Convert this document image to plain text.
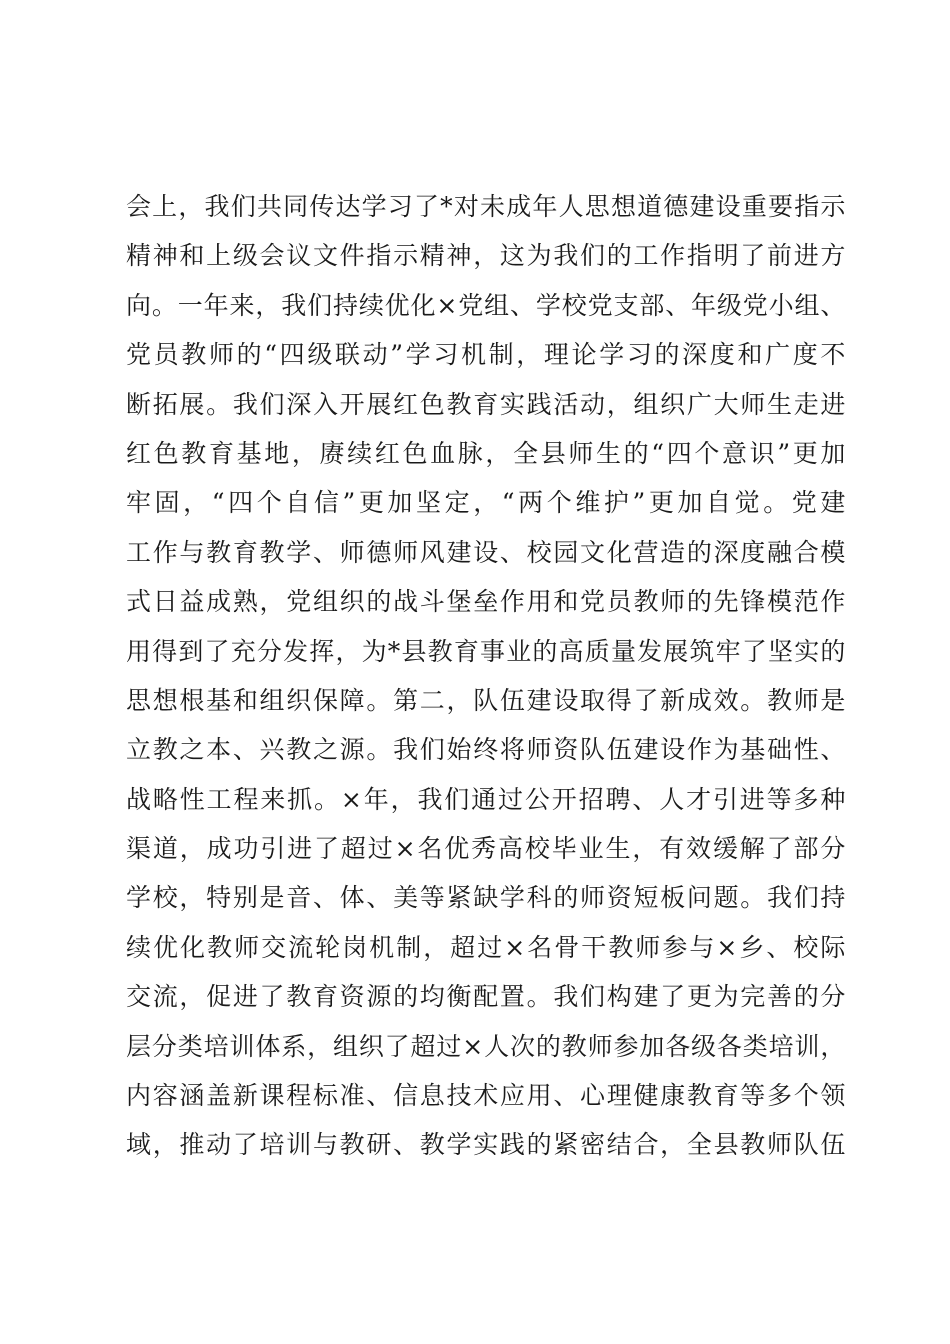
会上，我们共同传达学习了*对未成年人思想道德建设重要指示
精神和上级会议文件指示精神，这为我们的工作指明了前进方
向。一年来，我们持续优化×党组、学校党支部、年级党小组、
党员教师的“四级联动”学习机制，理论学习的深度和广度不
断拓展。我们深入开展红色教育实践活动，组织广大师生走进
红色教育基地，赓续红色血脉，全县师生的“四个意识”更加
牢固，“四个自信”更加坚定，“两个维护”更加自觉。党建
工作与教育教学、师德师风建设、校园文化营造的深度融合模
式日益成熟，党组织的战斗堡垒作用和党员教师的先锋模范作
用得到了充分发挥，为*县教育事业的高质量发展筑牢了坚实的
思想根基和组织保障。第二，队伍建设取得了新成效。教师是
立教之本、兴教之源。我们始终将师资队伍建设作为基础性、
战略性工程来抓。×年，我们通过公开招聘、人才引进等多种
渠道，成功引进了超过×名优秀高校毕业生，有效缓解了部分
学校，特别是音、体、美等紧缺学科的师资短板问题。我们持
续优化教师交流轮岗机制，超过×名骨干教师参与×乡、校际
交流，促进了教育资源的均衡配置。我们构建了更为完善的分
层分类培训体系，组织了超过×人次的教师参加各级各类培训，
内容涵盖新课程标准、信息技术应用、心理健康教育等多个领
域，推动了培训与教研、教学实践的紧密结合，全县教师队伍
